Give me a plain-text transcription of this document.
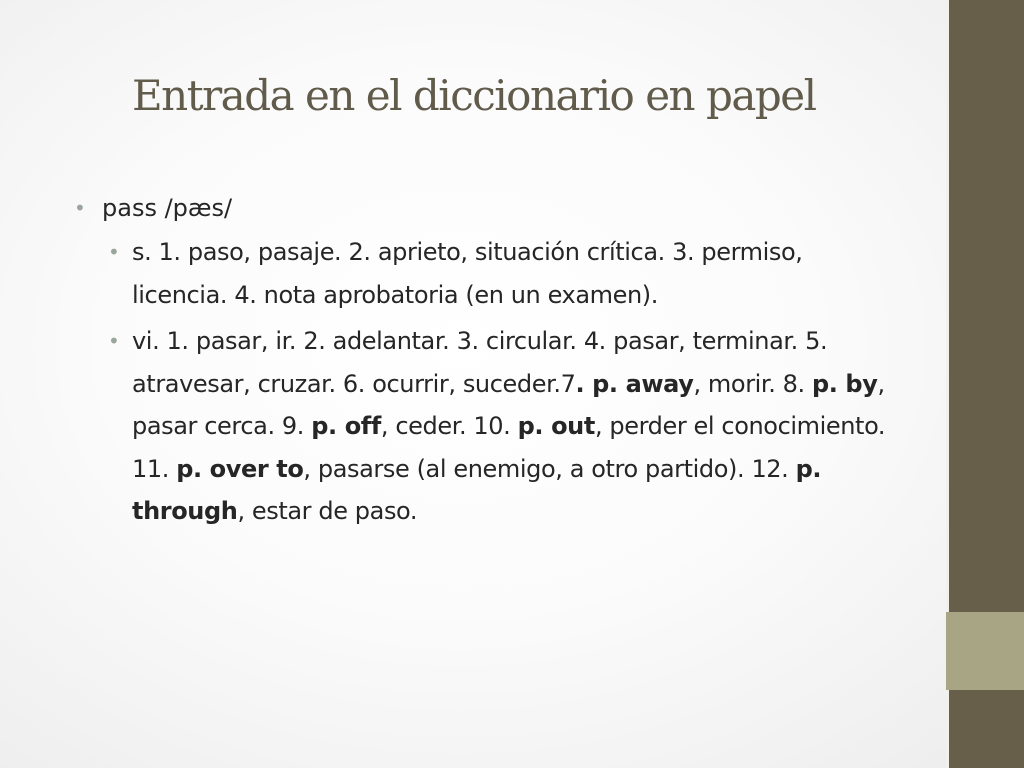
Entrada en el diccionario en papel
• pass /pæs/
• s. 1. paso, pasaje. 2. aprieto, situación crítica. 3. permiso, licencia. 4. nota aprobatoria (en un examen).
• vi. 1. pasar, ir. 2. adelantar. 3. circular. 4. pasar, terminar. 5. atravesar, cruzar. 6. ocurrir, suceder.7. p. away, morir. 8. p. by, pasar cerca. 9. p. off, ceder. 10. p. out, perder el conocimiento. 11. p. over to, pasarse (al enemigo, a otro partido). 12. p. through, estar de paso.
